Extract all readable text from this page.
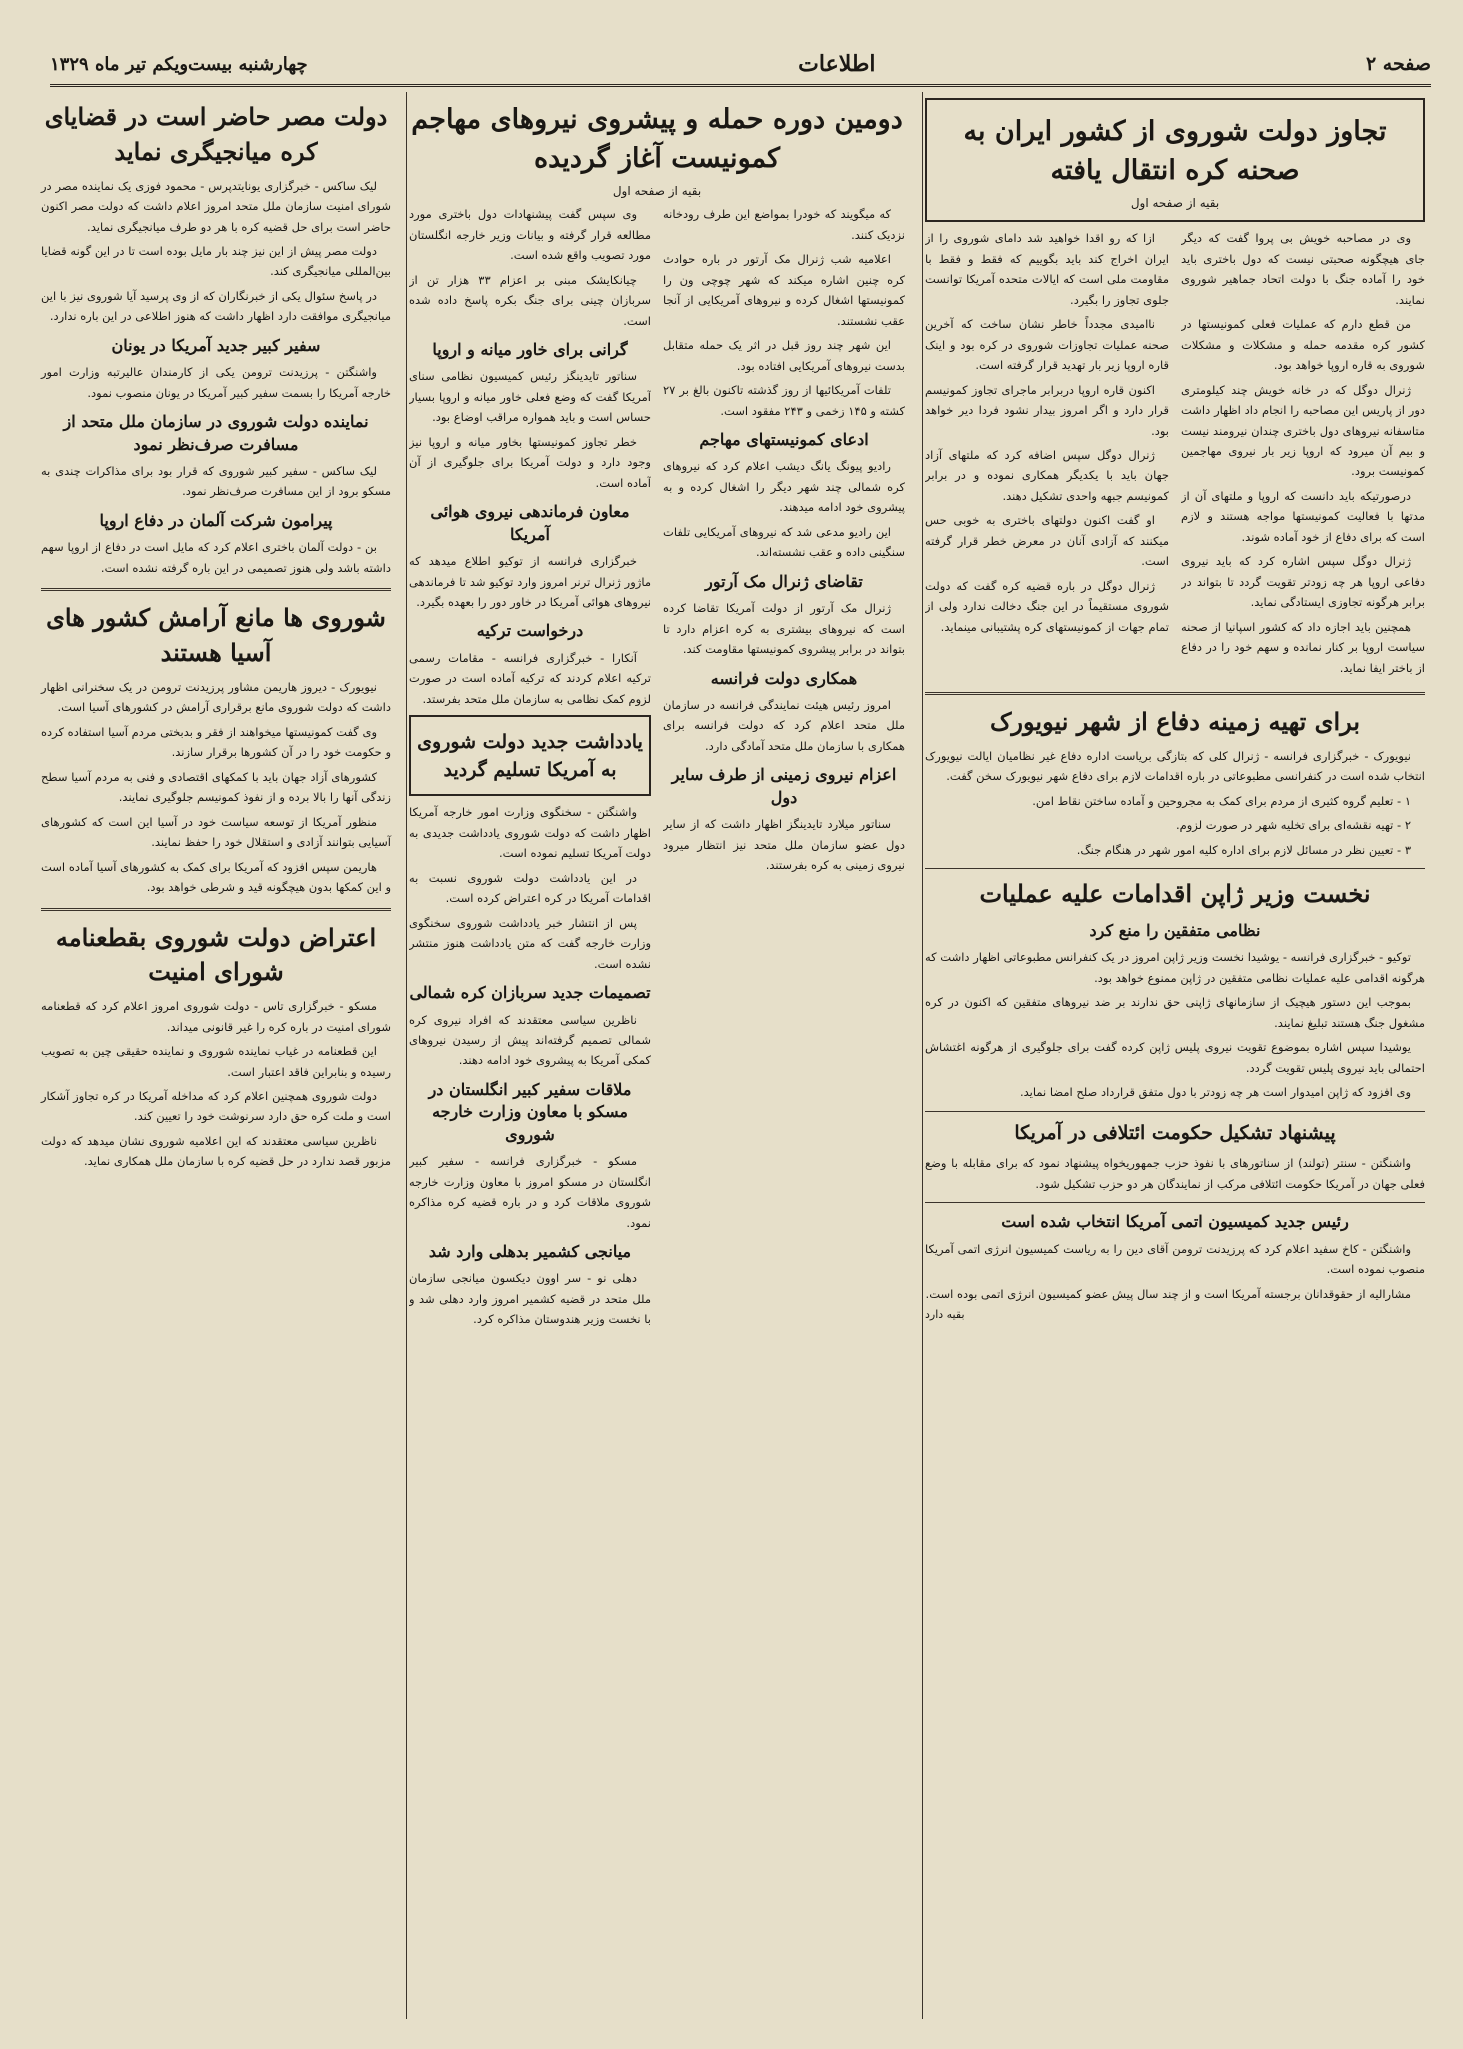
صفحه ۲
اطلاعات
چهارشنبه بیست‌ویکم تیر ماه ۱۳۲۹
تجاوز دولت شوروی از کشور ایران به صحنه کره انتقال یافته
بقیه از صفحه اول

وی در مصاحبه خویش بی پروا گفت که دیگر جای هیچگونه صحبتی نیست که دول باختری باید خود را آماده جنگ با دولت اتحاد جماهیر شوروی نمایند.

من قطع دارم که عملیات فعلی کمونیستها در کشور کره مقدمه حمله و مشکلات و مشکلات شوروی به قاره اروپا خواهد بود.

ژنرال دوگل که در خانه خویش چند کیلومتری دور از پاریس این مصاحبه را انجام داد اظهار داشت متاسفانه نیروهای دول باختری چندان نیرومند نیست و بیم آن میرود که اروپا زیر بار نیروی مهاجمین کمونیست برود.

درصورتیکه باید دانست که اروپا و ملتهای آن از مدتها با فعالیت کمونیستها مواجه هستند و لازم است که برای دفاع از خود آماده شوند.

ژنرال دوگل سپس اشاره کرد که باید نیروی دفاعی اروپا هر چه زودتر تقویت گردد تا بتواند در برابر هرگونه تجاوزی ایستادگی نماید.

همچنین باید اجازه داد که کشور اسپانیا از صحنه سیاست اروپا بر کنار نمانده و سهم خود را در دفاع از باختر ایفا نماید.

ازا که رو اقدا خواهید شد دامای شوروی را از ایران اخراج کند باید بگوییم که فقط و فقط با مقاومت ملی است که ایالات متحده آمریکا توانست جلوی تجاوز را بگیرد.

ناامیدی مجدداً خاطر نشان ساخت که آخرین صحنه عملیات تجاوزات شوروی در کره بود و اینک قاره اروپا زیر بار تهدید قرار گرفته است.

اکنون قاره اروپا دربرابر ماجرای تجاوز کمونیسم قرار دارد و اگر امروز بیدار نشود فردا دیر خواهد بود.

ژنرال دوگل سپس اضافه کرد که ملتهای آزاد جهان باید با یکدیگر همکاری نموده و در برابر کمونیسم جبهه واحدی تشکیل دهند.

او گفت اکنون دولتهای باختری به خوبی حس میکنند که آزادی آنان در معرض خطر قرار گرفته است.

ژنرال دوگل در باره قضیه کره گفت که دولت شوروی مستقیماً در این جنگ دخالت ندارد ولی از تمام جهات از کمونیستهای کره پشتیبانی مینماید.

برای تهیه زمینه دفاع از شهر نیویورک

نیویورک - خبرگزاری فرانسه - ژنرال کلی که بتازگی بریاست اداره دفاع غیر نظامیان ایالت نیویورک انتخاب شده است در کنفرانسی مطبوعاتی در باره اقدامات لازم برای دفاع شهر نیویورک سخن گفت.

۱ - تعلیم گروه کثیری از مردم برای کمک به مجروحین و آماده ساختن نقاط امن.

۲ - تهیه نقشه‌ای برای تخلیه شهر در صورت لزوم.

۳ - تعیین نظر در مسائل لازم برای اداره کلیه امور شهر در هنگام جنگ.

نخست وزیر ژاپن اقدامات علیه عملیات
نظامی متفقین را منع کرد

توکیو - خبرگزاری فرانسه - یوشیدا نخست وزیر ژاپن امروز در یک کنفرانس مطبوعاتی اظهار داشت که هرگونه اقدامی علیه عملیات نظامی متفقین در ژاپن ممنوع خواهد بود.

بموجب این دستور هیچیک از سازمانهای ژاپنی حق ندارند بر ضد نیروهای متفقین که اکنون در کره مشغول جنگ هستند تبلیغ نمایند.

یوشیدا سپس اشاره بموضوع تقویت نیروی پلیس ژاپن کرده گفت برای جلوگیری از هرگونه اغتشاش احتمالی باید نیروی پلیس تقویت گردد.

وی افزود که ژاپن امیدوار است هر چه زودتر با دول متفق قرارداد صلح امضا نماید.

پیشنهاد تشکیل حکومت ائتلافی در آمریکا

واشنگتن - سنتر (تولند) از سناتورهای با نفوذ حزب جمهوریخواه پیشنهاد نمود که برای مقابله با وضع فعلی جهان در آمریکا حکومت ائتلافی مرکب از نمایندگان هر دو حزب تشکیل شود.

رئیس جدید کمیسیون اتمی آمریکا انتخاب شده است

واشنگتن - کاخ سفید اعلام کرد که پرزیدنت ترومن آقای دین را به ریاست کمیسیون انرژی اتمی آمریکا منصوب نموده است.

مشارالیه از حقوقدانان برجسته آمریکا است و از چند سال پیش عضو کمیسیون انرژی اتمی بوده است.

بقیه دارد
دومین دوره حمله و پیشروی نیروهای مهاجم کمونیست آغاز گردیده
بقیه از صفحه اول

که میگویند که خودرا بمواضع این طرف رودخانه نزدیک کنند.

اعلامیه شب ژنرال مک آرتور در باره حوادث کره چنین اشاره میکند که شهر چوچی ون را کمونیستها اشغال کرده و نیروهای آمریکایی از آنجا عقب نشستند.

این شهر چند روز قبل در اثر یک حمله متقابل بدست نیروهای آمریکایی افتاده بود.

تلفات آمریکائیها از روز گذشته تاکنون بالغ بر ۲۷ کشته و ۱۴۵ زخمی و ۲۴۳ مفقود است.

ادعای کمونیستهای مهاجم

رادیو پیونگ یانگ دیشب اعلام کرد که نیروهای کره شمالی چند شهر دیگر را اشغال کرده و به پیشروی خود ادامه میدهند.

این رادیو مدعی شد که نیروهای آمریکایی تلفات سنگینی داده و عقب نشسته‌اند.

تقاضای ژنرال مک آرتور

ژنرال مک آرتور از دولت آمریکا تقاضا کرده است که نیروهای بیشتری به کره اعزام دارد تا بتواند در برابر پیشروی کمونیستها مقاومت کند.

همکاری دولت فرانسه

امروز رئیس هیئت نمایندگی فرانسه در سازمان ملل متحد اعلام کرد که دولت فرانسه برای همکاری با سازمان ملل متحد آمادگی دارد.

اعزام نیروی زمینی از طرف سایر دول

سناتور میلارد تایدینگز اظهار داشت که از سایر دول عضو سازمان ملل متحد نیز انتظار میرود نیروی زمینی به کره بفرستند.

وی سپس گفت پیشنهادات دول باختری مورد مطالعه قرار گرفته و بیانات وزیر خارجه انگلستان مورد تصویب واقع شده است.

چیانکایشک مبنی بر اعزام ۳۳ هزار تن از سربازان چینی برای جنگ بکره پاسخ داده شده است.

گرانی برای خاور میانه و اروپا

سناتور تایدینگز رئیس کمیسیون نظامی سنای آمریکا گفت که وضع فعلی خاور میانه و اروپا بسیار حساس است و باید همواره مراقب اوضاع بود.

خطر تجاوز کمونیستها بخاور میانه و اروپا نیز وجود دارد و دولت آمریکا برای جلوگیری از آن آماده است.

معاون فرماندهی نیروی هوائی آمریکا

خبرگزاری فرانسه از توکیو اطلاع میدهد که ماژور ژنرال ترنر امروز وارد توکیو شد تا فرماندهی نیروهای هوائی آمریکا در خاور دور را بعهده بگیرد.

درخواست ترکیه

آنکارا - خبرگزاری فرانسه - مقامات رسمی ترکیه اعلام کردند که ترکیه آماده است در صورت لزوم کمک نظامی به سازمان ملل متحد بفرستد.

یادداشت جدید دولت شوروی به آمریکا تسلیم گردید

واشنگتن - سخنگوی وزارت امور خارجه آمریکا اظهار داشت که دولت شوروی یادداشت جدیدی به دولت آمریکا تسلیم نموده است.

در این یادداشت دولت شوروی نسبت به اقدامات آمریکا در کره اعتراض کرده است.

پس از انتشار خبر یادداشت شوروی سخنگوی وزارت خارجه گفت که متن یادداشت هنوز منتشر نشده است.

تصمیمات جدید سربازان کره شمالی

ناظرین سیاسی معتقدند که افراد نیروی کره شمالی تصمیم گرفته‌اند پیش از رسیدن نیروهای کمکی آمریکا به پیشروی خود ادامه دهند.

ملاقات سفیر کبیر انگلستان در مسکو با معاون وزارت خارجه شوروی

مسکو - خبرگزاری فرانسه - سفیر کبیر انگلستان در مسکو امروز با معاون وزارت خارجه شوروی ملاقات کرد و در باره قضیه کره مذاکره نمود.

میانجی کشمیر بدهلی وارد شد

دهلی نو - سر اوون دیکسون میانجی سازمان ملل متحد در قضیه کشمیر امروز وارد دهلی شد و با نخست وزیر هندوستان مذاکره کرد.

دولت مصر حاضر است در قضایای کره میانجیگری نماید

لیک ساکس - خبرگزاری یونایتدپرس - محمود فوزی یک نماینده مصر در شورای امنیت سازمان ملل متحد امروز اعلام داشت که دولت مصر اکنون حاضر است برای حل قضیه کره با هر دو طرف میانجیگری نماید.

دولت مصر پیش از این نیز چند بار مایل بوده است تا در این گونه قضایا بین‌المللی میانجیگری کند.

در پاسخ سئوال یکی از خبرنگاران که از وی پرسید آیا شوروی نیز با این میانجیگری موافقت دارد اظهار داشت که هنوز اطلاعی در این باره ندارد.

سفیر کبیر جدید آمریکا در یونان

واشنگتن - پرزیدنت ترومن یکی از کارمندان عالیرتبه وزارت امور خارجه آمریکا را بسمت سفیر کبیر آمریکا در یونان منصوب نمود.

نماینده دولت شوروی در سازمان ملل متحد از مسافرت صرف‌نظر نمود

لیک ساکس - سفیر کبیر شوروی که قرار بود برای مذاکرات چندی به مسکو برود از این مسافرت صرف‌نظر نمود.

پیرامون شرکت آلمان در دفاع اروپا

بن - دولت آلمان باختری اعلام کرد که مایل است در دفاع از اروپا سهم داشته باشد ولی هنوز تصمیمی در این باره گرفته نشده است.

شوروی ها مانع آرامش کشور های آسیا هستند

نیویورک - دیروز هاریمن مشاور پرزیدنت ترومن در یک سخنرانی اظهار داشت که دولت شوروی مانع برقراری آرامش در کشورهای آسیا است.

وی گفت کمونیستها میخواهند از فقر و بدبختی مردم آسیا استفاده کرده و حکومت خود را در آن کشورها برقرار سازند.

کشورهای آزاد جهان باید با کمکهای اقتصادی و فنی به مردم آسیا سطح زندگی آنها را بالا برده و از نفوذ کمونیسم جلوگیری نمایند.

منظور آمریکا از توسعه سیاست خود در آسیا این است که کشورهای آسیایی بتوانند آزادی و استقلال خود را حفظ نمایند.

هاریمن سپس افزود که آمریکا برای کمک به کشورهای آسیا آماده است و این کمکها بدون هیچگونه قید و شرطی خواهد بود.

اعتراض دولت شوروی بقطعنامه شورای امنیت

مسکو - خبرگزاری تاس - دولت شوروی امروز اعلام کرد که قطعنامه شورای امنیت در باره کره را غیر قانونی میداند.

این قطعنامه در غیاب نماینده شوروی و نماینده حقیقی چین به تصویب رسیده و بنابراین فاقد اعتبار است.

دولت شوروی همچنین اعلام کرد که مداخله آمریکا در کره تجاوز آشکار است و ملت کره حق دارد سرنوشت خود را تعیین کند.

ناظرین سیاسی معتقدند که این اعلامیه شوروی نشان میدهد که دولت مزبور قصد ندارد در حل قضیه کره با سازمان ملل همکاری نماید.
